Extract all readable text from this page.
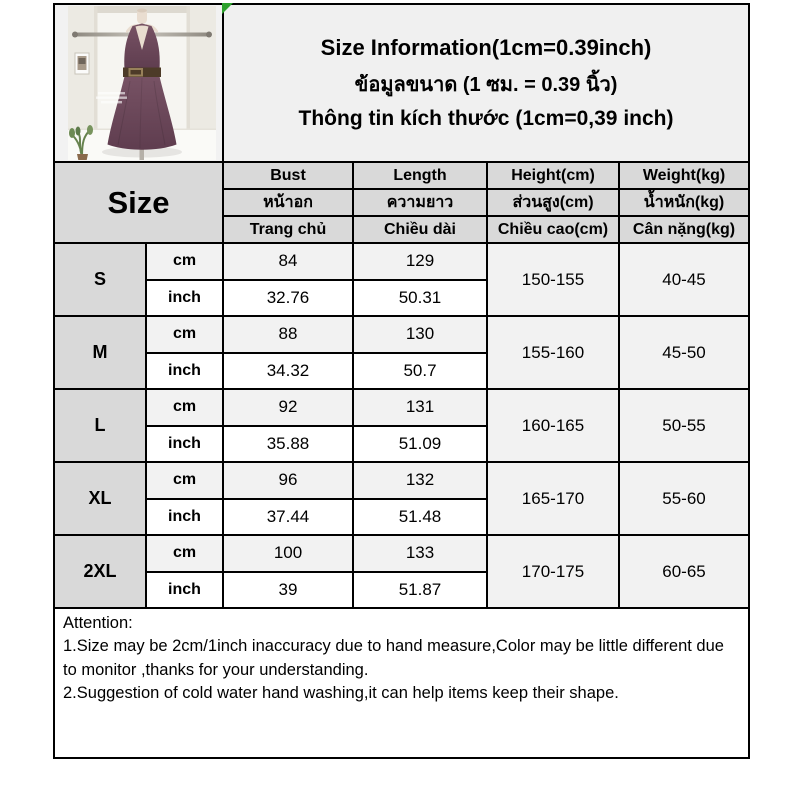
Size Information(1cm=0.39inch)
ข้อมูลขนาด (1 ซม. = 0.39 นิ้ว)
Thông tin kích thước (1cm=0,39 inch)			

Size		Bust	Length	Height(cm)	Weight(kg)
		หน้าอก	ความยาว	ส่วนสูง(cm)	น้ำหนัก(kg)
		Trang chủ	Chiều dài	Chiều cao(cm)	Cân nặng(kg)
S	cm	84	129	150-155	40-45
	inch	32.76	50.31		
M	cm	88	130	155-160	45-50
	inch	34.32	50.7		
L	cm	92	131	160-165	50-55
	inch	35.88	51.09		
XL	cm	96	132	165-170	55-60
	inch	37.44	51.48		
2XL	cm	100	133	170-175	60-65
	inch	39	51.87		

Attention:
1.Size may be 2cm/1inch inaccuracy due to hand measure,Color may be little different due to monitor ,thanks for your understanding.
2.Suggestion of cold water hand washing,it can help items keep their shape.					
